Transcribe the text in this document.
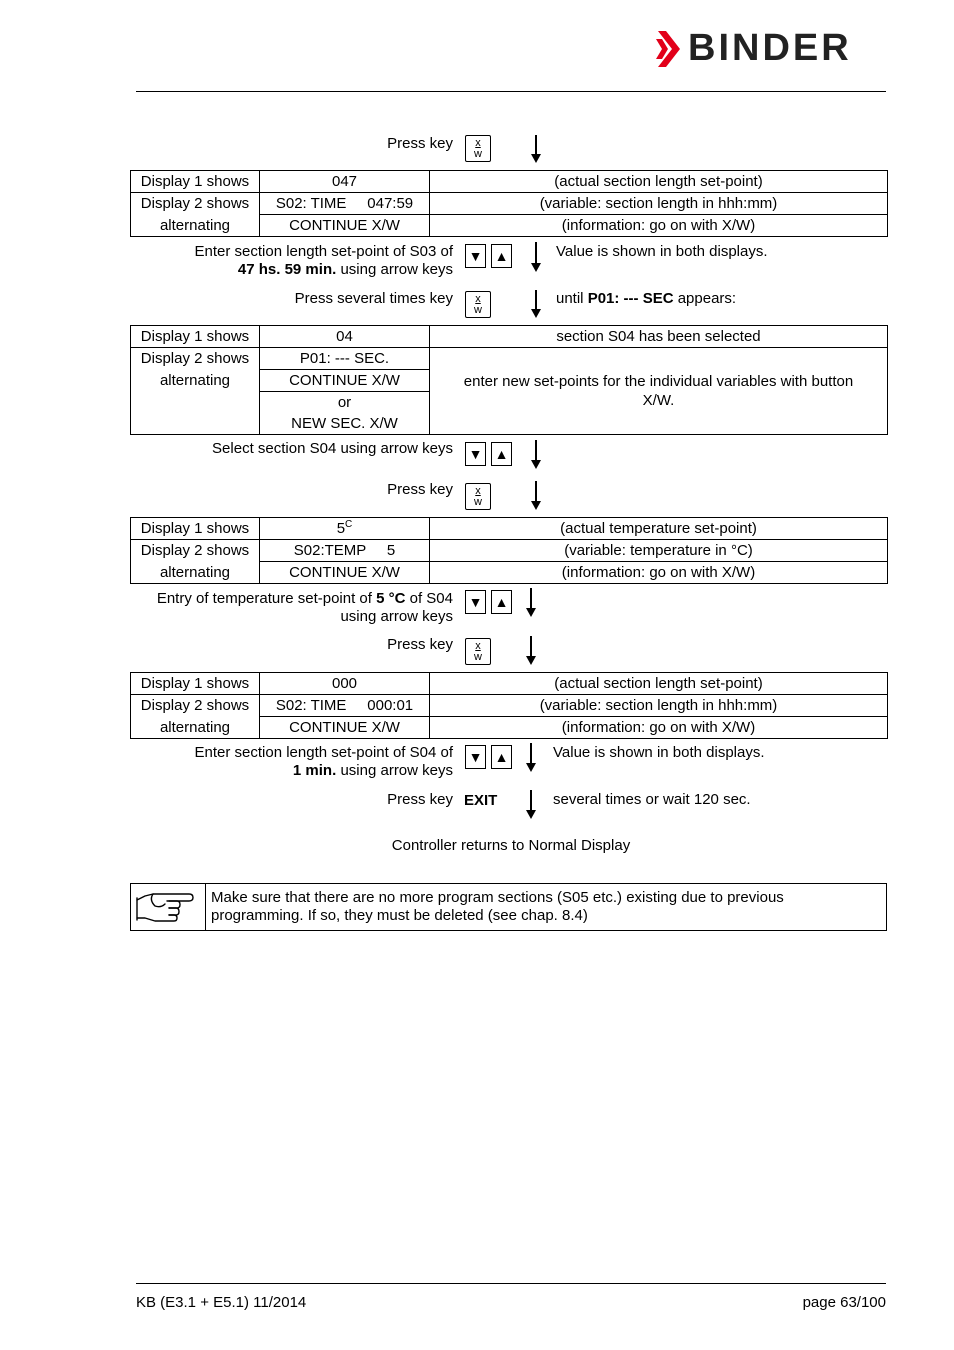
BINDER
Press key	x
w
Display 1 shows	047	(actual section length set-point)
Display 2 shows	S02: TIME     047:59	(variable: section length in hhh:mm)
alternating	CONTINUE X/W	(information: go on with X/W)
Enter section length set-point of S03 of
47 hs. 59 min. using arrow keys
▼ ▲	Value is shown in both displays.
Press several times key	x
w
until P01: --- SEC appears:
Display 1 shows	04	section S04 has been selected
Display 2 shows	P01: --- SEC.	enter new set-points for the individual variables with button X/W.
alternating	CONTINUE X/W	
	or	
	NEW SEC. X/W	
Select section S04 using arrow keys ▼ ▲
Press key	x
w
Display 1 shows	$5^C$	(actual temperature set-point)
Display 2 shows	S02:TEMP     5	(variable: temperature in °C)
alternating	CONTINUE X/W	(information: go on with X/W)
Entry of temperature set-point of 5 °C of S04
using arrow keys
▼ ▲
Press key	x
w
Display 1 shows	000	(actual section length set-point)
Display 2 shows	S02: TIME     000:01	(variable: section length in hhh:mm)
alternating	CONTINUE X/W	(information: go on with X/W)
Enter section length set-point of S04 of
1 min. using arrow keys
▼ ▲	Value is shown in both displays.
Press key EXIT	several times or wait 120 sec.
Controller returns to Normal Display
Make sure that there are no more program sections (S05 etc.) existing due to previous programming. If so, they must be deleted (see chap. 8.4)
KB (E3.1 + E5.1) 11/2014	page 63/100
